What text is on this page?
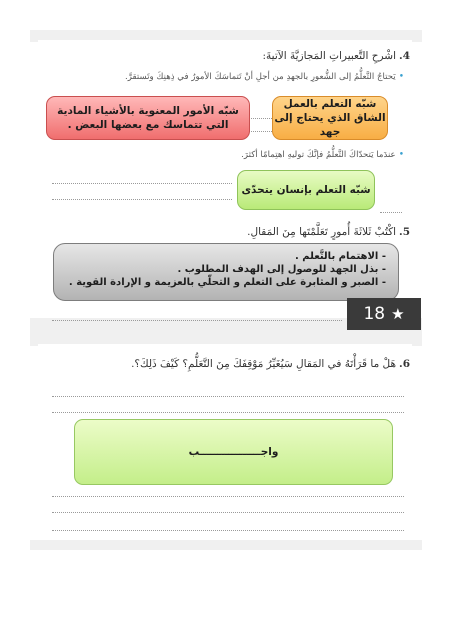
4.اشْرحِ التَّعبيراتِ المَجازيَّةَ الآتيةَ:
•يَحتاجُ التَّعلُّمُ إلى الشُّعورِ بالجهدِ من أجلِ أنْ تَتماسَكَ الأمورُ في ذِهنِكَ وتَستقرَّ.
شبّه التعلم بالعمل الشاق الذي يحتاج إلى جهد
شبّه الأمور المعنوية بالأشياء المادية التي تتماسك مع بعضها البعض .
•عندَما يَتحدّاكَ التَّعلُّمُ فإنَّكَ توليهِ اهتِمامًا أكثرَ.
شبّه التعلم بإنسان يتحدّى
5.اكْتُبْ ثَلاثَةَ أُمورٍ تَعَلَّمْتَها مِنَ المَقالِ.
- الاهتمام بالتَّعلم .
- بذل الجهد للوصول إلى الهدف المطلوب .
- الصبر و المثابرة على التعلم و التحلّي بالعزيمة و الإرادة القوية .
18 ★
6.هَلْ ما قَرَأْتَهُ في المَقالِ سَيُغَيِّرُ مَوْقِفَكَ مِنَ التَّعَلُّمِ؟ كَيْفَ ذَلِكَ؟.
واجـــــــــــــــــب
